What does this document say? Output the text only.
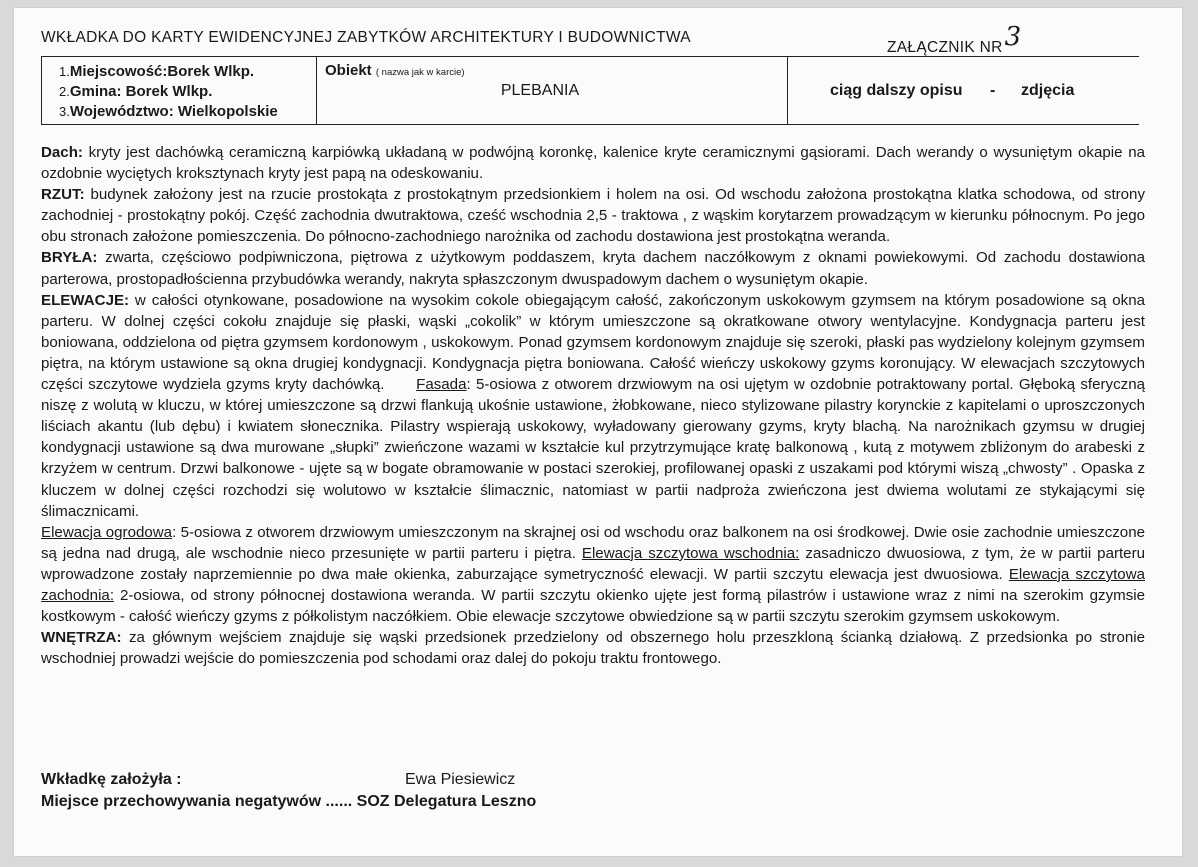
WKŁADKA DO KARTY EWIDENCYJNEJ ZABYTKÓW ARCHITEKTURY I BUDOWNICTWA
ZAŁĄCZNIK NR3
1.Miejscowość:Borek Wlkp.
2.Gmina: Borek Wlkp.
3.Województwo: Wielkopolskie
Obiekt ( nazwa jak w karcie)
PLEBANIA	ciąg dalszy opisu - zdjęcia

Dach: kryty jest dachówką ceramiczną karpiówką układaną w podwójną koronkę, kalenice kryte ceramicznymi gąsiorami. Dach werandy o wysuniętym okapie na ozdobnie wyciętych kroksztynach kryty jest papą na odeskowaniu.

RZUT: budynek założony jest na rzucie prostokąta z prostokątnym przedsionkiem i holem na osi. Od wschodu założona prostokątna klatka schodowa, od strony zachodniej - prostokątny pokój. Część zachodnia dwutraktowa, cześć wschodnia 2,5 - traktowa , z wąskim korytarzem prowadzącym w kierunku północnym. Po jego obu stronach założone pomieszczenia. Do północno-zachodniego narożnika od zachodu dostawiona jest prostokątna weranda.

BRYŁA: zwarta, częściowo podpiwniczona, piętrowa z użytkowym poddaszem, kryta dachem naczółkowym z oknami powiekowymi. Od zachodu dostawiona parterowa, prostopadłościenna przybudówka werandy, nakryta spłaszczonym dwuspadowym dachem o wysuniętym okapie.

ELEWACJE: w całości otynkowane, posadowione na wysokim cokole obiegającym całość, zakończonym uskokowym gzymsem na którym posadowione są okna parteru. W dolnej części cokołu znajduje się płaski, wąski „cokolik” w którym umieszczone są okratkowane otwory wentylacyjne. Kondygnacja parteru jest boniowana, oddzielona od piętra gzymsem kordonowym , uskokowym. Ponad gzymsem kordonowym znajduje się szeroki, płaski pas wydzielony kolejnym gzymsem piętra, na którym ustawione są okna drugiej kondygnacji. Kondygnacja piętra boniowana. Całość wieńczy uskokowy gzyms koronujący. W elewacjach szczytowych części szczytowe wydziela gzyms kryty dachówką. Fasada: 5-osiowa z otworem drzwiowym na osi ujętym w ozdobnie potraktowany portal. Głęboką sferyczną niszę z wolutą w kluczu, w której umieszczone są drzwi flankują ukośnie ustawione, żłobkowane, nieco stylizowane pilastry korynckie z kapitelami o uproszczonych liściach akantu (lub dębu) i kwiatem słonecznika. Pilastry wspierają uskokowy, wyładowany gierowany gzyms, kryty blachą. Na narożnikach gzymsu w drugiej kondygnacji ustawione są dwa murowane „słupki” zwieńczone wazami w kształcie kul przytrzymujące kratę balkonową , kutą z motywem zbliżonym do arabeski z krzyżem w centrum. Drzwi balkonowe - ujęte są w bogate obramowanie w postaci szerokiej, profilowanej opaski z uszakami pod którymi wiszą „chwosty” . Opaska z kluczem w dolnej części rozchodzi się wolutowo w kształcie ślimacznic, natomiast w partii nadproża zwieńczona jest dwiema wolutami ze stykającymi się ślimacznicami.

Elewacja ogrodowa: 5-osiowa z otworem drzwiowym umieszczonym na skrajnej osi od wschodu oraz balkonem na osi środkowej. Dwie osie zachodnie umieszczone są jedna nad drugą, ale wschodnie nieco przesunięte w partii parteru i piętra. Elewacja szczytowa wschodnia: zasadniczo dwuosiowa, z tym, że w partii parteru wprowadzone zostały naprzemiennie po dwa małe okienka, zaburzające symetryczność elewacji. W partii szczytu elewacja jest dwuosiowa. Elewacja szczytowa zachodnia: 2-osiowa, od strony północnej dostawiona weranda. W partii szczytu okienko ujęte jest formą pilastrów i ustawione wraz z nimi na szerokim gzymsie kostkowym - całość wieńczy gzyms z półkolistym naczółkiem. Obie elewacje szczytowe obwiedzione są w partii szczytu szerokim gzymsem uskokowym.

WNĘTRZA: za głównym wejściem znajduje się wąski przedsionek przedzielony od obszernego holu przeszkloną ścianką działową. Z przedsionka po stronie wschodniej prowadzi wejście do pomieszczenia pod schodami oraz dalej do pokoju traktu frontowego.

Wkładkę założyła :	Ewa Piesiewicz
Miejsce przechowywania negatywów ...... SOZ Delegatura Leszno
